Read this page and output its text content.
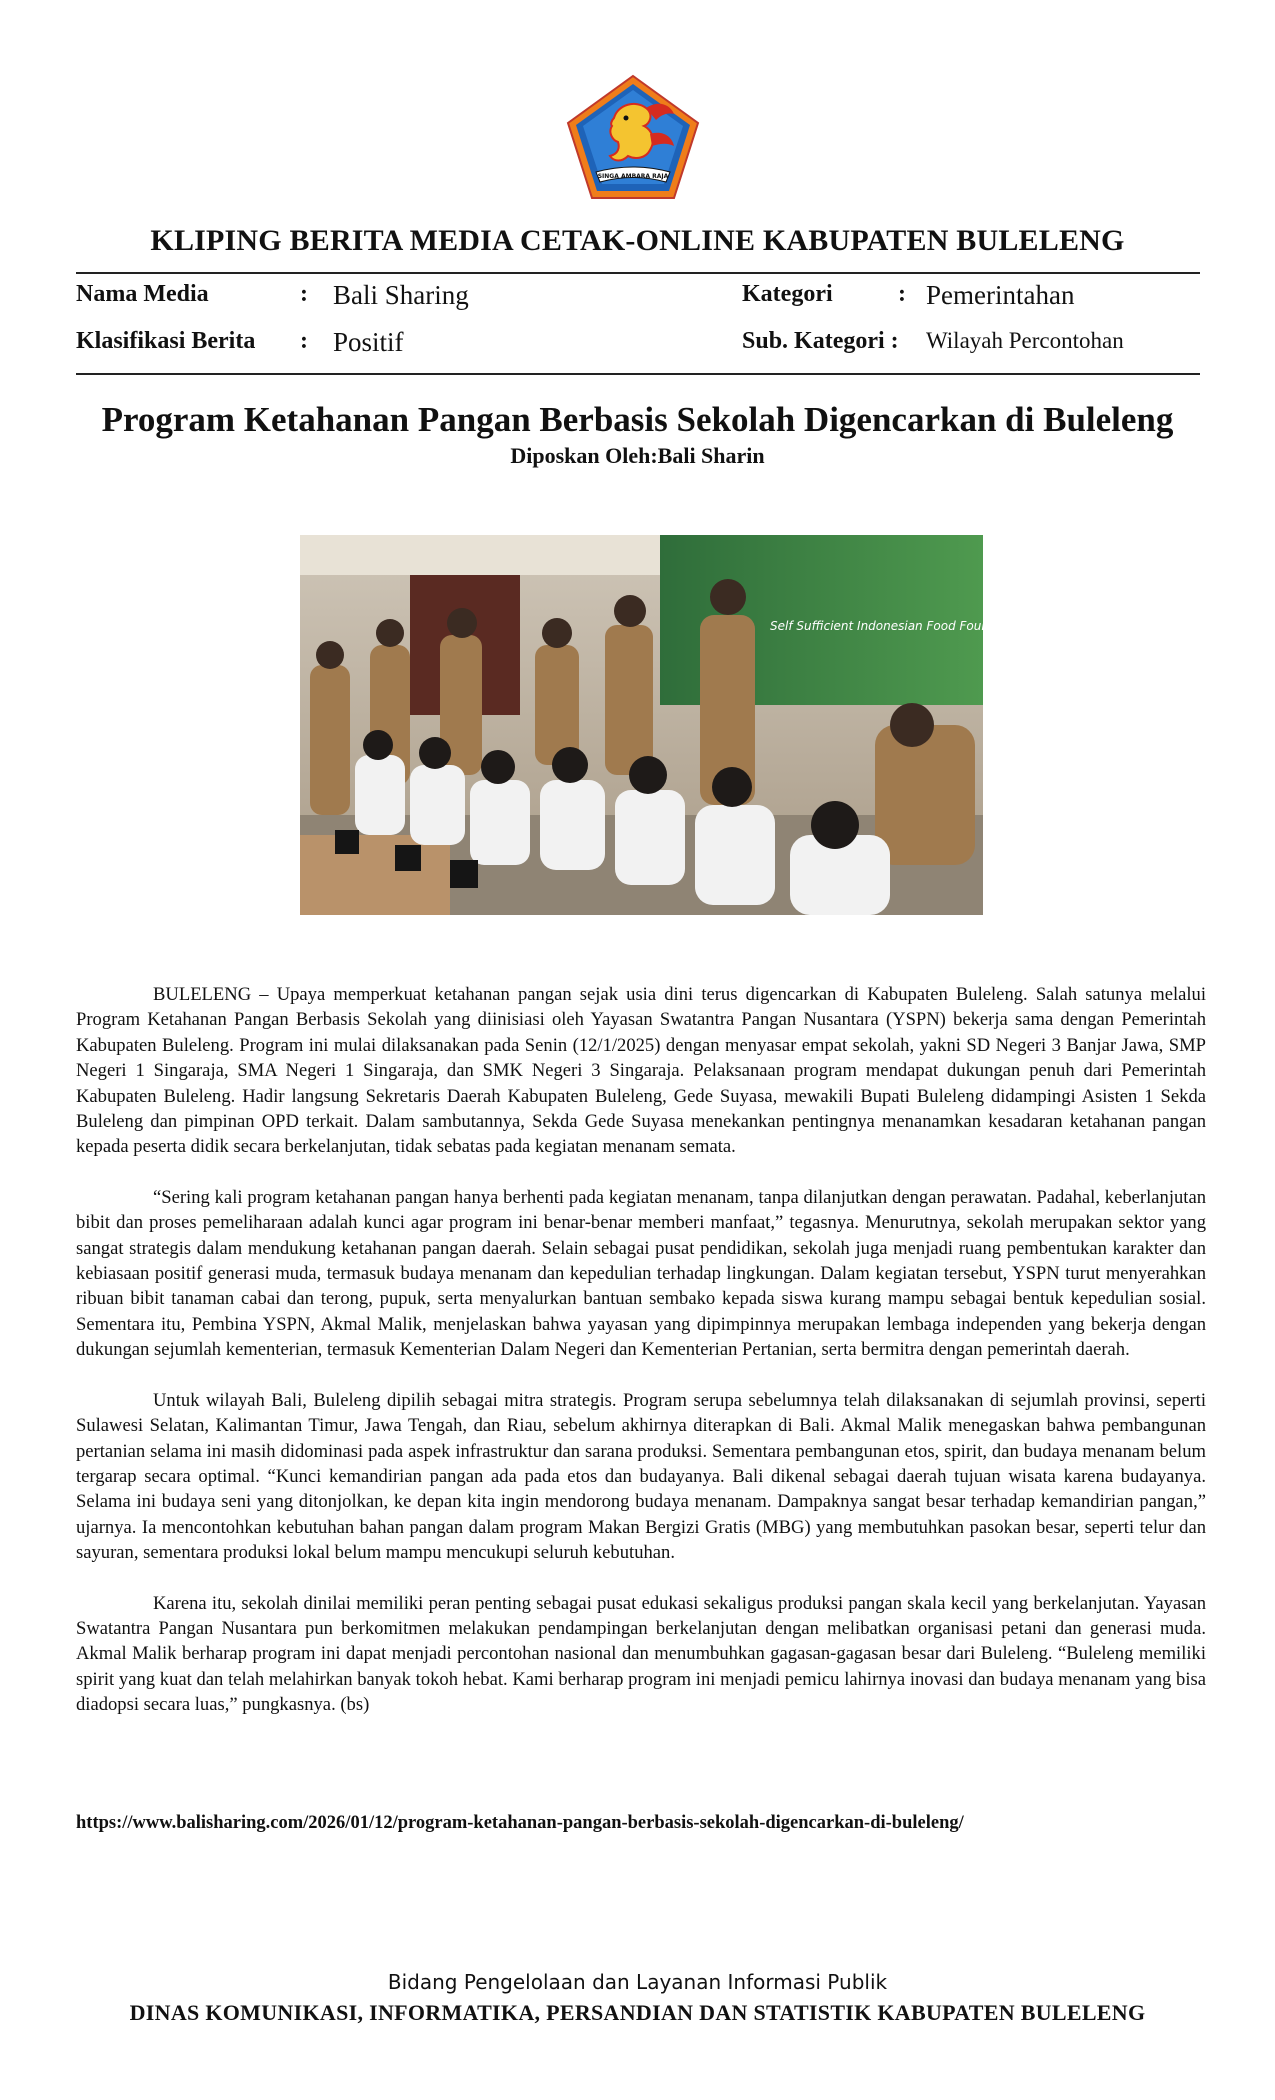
SINGA AMBARA RAJA
KLIPING BERITA MEDIA CETAK-ONLINE KABUPATEN BULELENG
Nama Media	: Bali Sharing	Kategori	: Pemerintahan
Klasifikasi Berita : Positif	Sub. Kategori : Wilayah Percontohan
Program Ketahanan Pangan Berbasis Sekolah Digencarkan di Buleleng
Diposkan Oleh:Bali Sharin
Self Sufficient Indonesian Food Foundation

BULELENG – Upaya memperkuat ketahanan pangan sejak usia dini terus digencarkan di Kabupaten Buleleng. Salah satunya melalui Program Ketahanan Pangan Berbasis Sekolah yang diinisiasi oleh Yayasan Swatantra Pangan Nusantara (YSPN) bekerja sama dengan Pemerintah Kabupaten Buleleng. Program ini mulai dilaksanakan pada Senin (12/1/2025) dengan menyasar empat sekolah, yakni SD Negeri 3 Banjar Jawa, SMP Negeri 1 Singaraja, SMA Negeri 1 Singaraja, dan SMK Negeri 3 Singaraja. Pelaksanaan program mendapat dukungan penuh dari Pemerintah Kabupaten Buleleng. Hadir langsung Sekretaris Daerah Kabupaten Buleleng, Gede Suyasa, mewakili Bupati Buleleng didampingi Asisten 1 Sekda Buleleng dan pimpinan OPD terkait. Dalam sambutannya, Sekda Gede Suyasa menekankan pentingnya menanamkan kesadaran ketahanan pangan kepada peserta didik secara berkelanjutan, tidak sebatas pada kegiatan menanam semata.

“Sering kali program ketahanan pangan hanya berhenti pada kegiatan menanam, tanpa dilanjutkan dengan perawatan. Padahal, keberlanjutan bibit dan proses pemeliharaan adalah kunci agar program ini benar-benar memberi manfaat,” tegasnya. Menurutnya, sekolah merupakan sektor yang sangat strategis dalam mendukung ketahanan pangan daerah. Selain sebagai pusat pendidikan, sekolah juga menjadi ruang pembentukan karakter dan kebiasaan positif generasi muda, termasuk budaya menanam dan kepedulian terhadap lingkungan. Dalam kegiatan tersebut, YSPN turut menyerahkan ribuan bibit tanaman cabai dan terong, pupuk, serta menyalurkan bantuan sembako kepada siswa kurang mampu sebagai bentuk kepedulian sosial. Sementara itu, Pembina YSPN, Akmal Malik, menjelaskan bahwa yayasan yang dipimpinnya merupakan lembaga independen yang bekerja dengan dukungan sejumlah kementerian, termasuk Kementerian Dalam Negeri dan Kementerian Pertanian, serta bermitra dengan pemerintah daerah.

Untuk wilayah Bali, Buleleng dipilih sebagai mitra strategis. Program serupa sebelumnya telah dilaksanakan di sejumlah provinsi, seperti Sulawesi Selatan, Kalimantan Timur, Jawa Tengah, dan Riau, sebelum akhirnya diterapkan di Bali. Akmal Malik menegaskan bahwa pembangunan pertanian selama ini masih didominasi pada aspek infrastruktur dan sarana produksi. Sementara pembangunan etos, spirit, dan budaya menanam belum tergarap secara optimal. “Kunci kemandirian pangan ada pada etos dan budayanya. Bali dikenal sebagai daerah tujuan wisata karena budayanya. Selama ini budaya seni yang ditonjolkan, ke depan kita ingin mendorong budaya menanam. Dampaknya sangat besar terhadap kemandirian pangan,” ujarnya. Ia mencontohkan kebutuhan bahan pangan dalam program Makan Bergizi Gratis (MBG) yang membutuhkan pasokan besar, seperti telur dan sayuran, sementara produksi lokal belum mampu mencukupi seluruh kebutuhan.

Karena itu, sekolah dinilai memiliki peran penting sebagai pusat edukasi sekaligus produksi pangan skala kecil yang berkelanjutan. Yayasan Swatantra Pangan Nusantara pun berkomitmen melakukan pendampingan berkelanjutan dengan melibatkan organisasi petani dan generasi muda. Akmal Malik berharap program ini dapat menjadi percontohan nasional dan menumbuhkan gagasan-gagasan besar dari Buleleng. “Buleleng memiliki spirit yang kuat dan telah melahirkan banyak tokoh hebat. Kami berharap program ini menjadi pemicu lahirnya inovasi dan budaya menanam yang bisa diadopsi secara luas,” pungkasnya. (bs)

https://www.balisharing.com/2026/01/12/program-ketahanan-pangan-berbasis-sekolah-digencarkan-di-buleleng/
Bidang Pengelolaan dan Layanan Informasi Publik
DINAS KOMUNIKASI, INFORMATIKA, PERSANDIAN DAN STATISTIK KABUPATEN BULELENG
